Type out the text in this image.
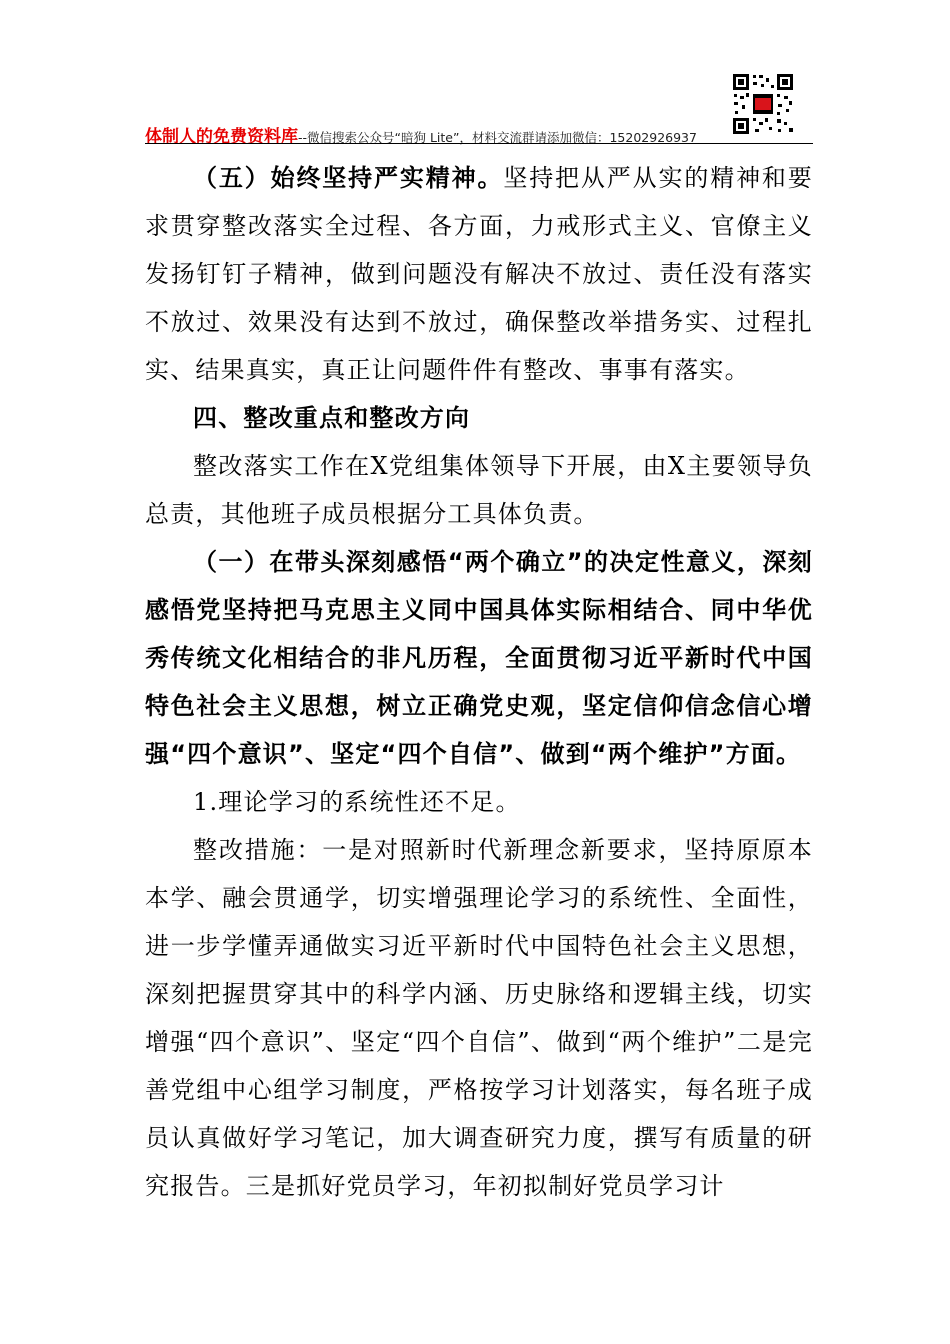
体制人的免费资料库--微信搜索公众号“暗狗 Lite”，材料交流群请添加微信：15202926937

（五）始终坚持严实精神。坚持把从严从实的精神和要求贯穿整改落实全过程、各方面，力戒形式主义、官僚主义发扬钉钉子精神，做到问题没有解决不放过、责任没有落实不放过、效果没有达到不放过，确保整改举措务实、过程扎实、结果真实，真正让问题件件有整改、事事有落实。

四、整改重点和整改方向

整改落实工作在X党组集体领导下开展，由X主要领导负总责，其他班子成员根据分工具体负责。

（一）在带头深刻感悟“两个确立”的决定性意义，深刻感悟党坚持把马克思主义同中国具体实际相结合、同中华优秀传统文化相结合的非凡历程，全面贯彻习近平新时代中国特色社会主义思想，树立正确党史观，坚定信仰信念信心增强“四个意识”、坚定“四个自信”、做到“两个维护”方面。

1.理论学习的系统性还不足。

整改措施：一是对照新时代新理念新要求，坚持原原本本学、融会贯通学，切实增强理论学习的系统性、全面性，进一步学懂弄通做实习近平新时代中国特色社会主义思想，深刻把握贯穿其中的科学内涵、历史脉络和逻辑主线，切实增强“四个意识”、坚定“四个自信”、做到“两个维护”二是完善党组中心组学习制度，严格按学习计划落实，每名班子成员认真做好学习笔记，加大调查研究力度，撰写有质量的研究报告。三是抓好党员学习，年初拟制好党员学习计
